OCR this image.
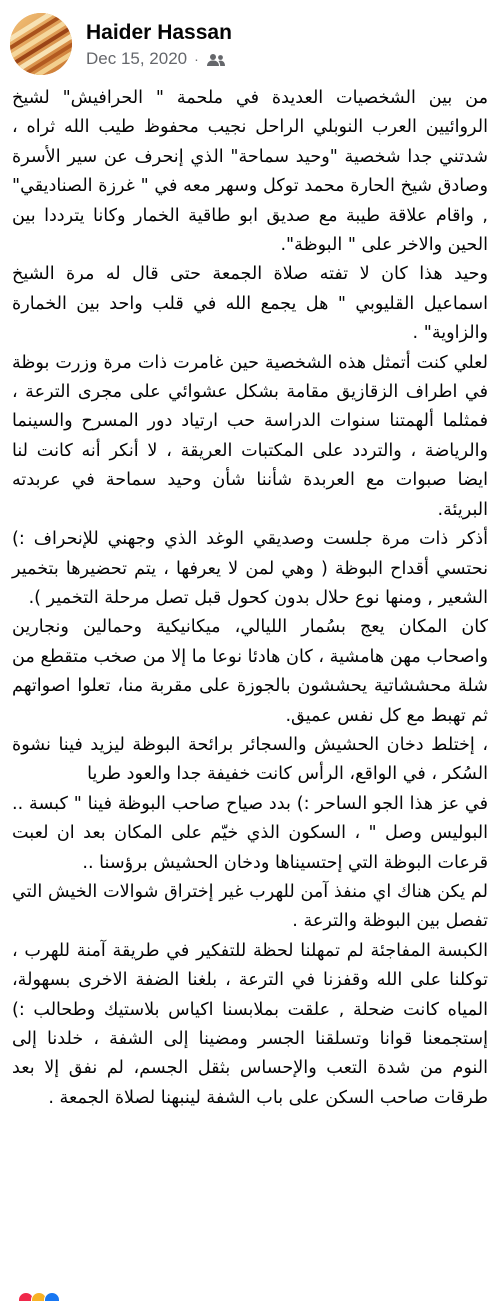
Haider Hassan
Dec 15, 2020 ·

من بين الشخصيات العديدة في ملحمة " الحرافيش" لشيخ الروائيين العرب النوبلي الراحل نجيب محفوظ طيب الله ثراه ، شدتني جدا شخصية "وحيد سماحة" الذي إنحرف عن سير الأسرة وصادق شيخ الحارة محمد توكل وسهر معه في " غرزة الصناديقي" , واقام علاقة طيبة مع صديق ابو طاقية الخمار وكانا يترددا بين الحين والاخر على " البوظة".

وحيد هذا كان لا تفته صلاة الجمعة حتى قال له مرة الشيخ اسماعيل القليوبي " هل يجمع الله في قلب واحد بين الخمارة والزاوية" .

لعلي كنت أتمثل هذه الشخصية حين غامرت ذات مرة وزرت بوظة في اطراف الزقازيق مقامة بشكل عشوائي على مجرى الترعة ، فمثلما ألهمتنا سنوات الدراسة حب ارتياد دور المسرح والسينما والرياضة ، والتردد على المكتبات العريقة ، لا أنكر أنه كانت لنا ايضا صبوات مع العربدة شأننا شأن وحيد سماحة في عربدته البريئة.

أذكر ذات مرة جلست وصديقي الوغد الذي وجهني للإنحراف :) نحتسي أقداح البوظة ( وهي لمن لا يعرفها ، يتم تحضيرها بتخمير الشعير , ومنها نوع حلال بدون كحول قبل تصل مرحلة التخمير ).

كان المكان يعج بسُمار الليالي، ميكانيكية وحمالين ونجارين واصحاب مهن هامشية ، كان هادئا نوعا ما إلا من صخب متقطع من شلة محششاتية يحششون بالجوزة على مقربة منا، تعلوا اصواتهم ثم تهبط مع كل نفس عميق.

، إختلط دخان الحشيش والسجائر برائحة البوظة ليزيد فينا نشوة السُكر ، في الواقع، الرأس كانت خفيفة جدا والعود طريا

في عز هذا الجو الساحر :) بدد صياح صاحب البوظة فينا " كبسة .. البوليس وصل " ، السكون الذي خيّم على المكان بعد ان لعبت قرعات البوظة التي إحتسيناها ودخان الحشيش برؤسنا ..

لم يكن هناك اي منفذ آمن للهرب غير إختراق شوالات الخيش التي تفصل بين البوظة والترعة .

الكبسة المفاجئة لم تمهلنا لحظة للتفكير في طريقة آمنة للهرب ، توكلنا على الله وقفزنا في الترعة ، بلغنا الضفة الاخرى بسهولة، المياه كانت ضحلة , علقت بملابسنا اكياس بلاستيك وطحالب :) إستجمعنا قوانا وتسلقنا الجسر ومضينا إلى الشفة ، خلدنا إلى النوم من شدة التعب والإحساس بثقل الجسم، لم نفق إلا بعد طرقات صاحب السكن على باب الشفة لينبهنا لصلاة الجمعة .
